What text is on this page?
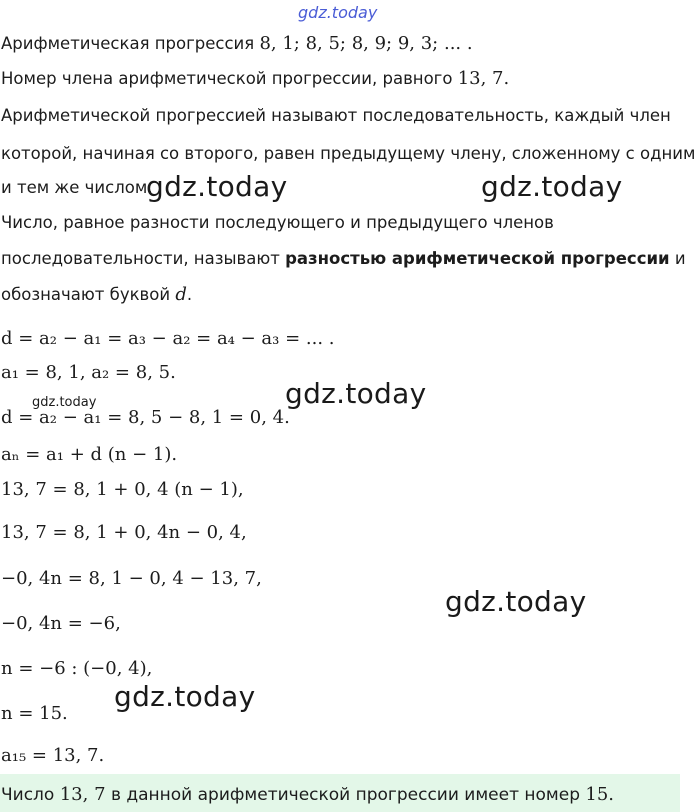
gdz.today
Арифметическая прогрессия 8, 1; 8, 5; 8, 9; 9, 3; ... .
Номер члена арифметической прогрессии, равного 13, 7.
Арифметической прогрессией называют последовательность, каждый член
которой, начиная со второго, равен предыдущему члену, сложенному с одним
и тем же числом.
Число, равное разности последующего и предыдущего членов
последовательности, называют разностью арифметической прогрессии и
обозначают буквой d.
d = a₂ − a₁ = a₃ − a₂ = a₄ − a₃ = ... .
a₁ = 8, 1, a₂ = 8, 5.
d = a₂ − a₁ = 8, 5 − 8, 1 = 0, 4.
aₙ = a₁ + d (n − 1).
13, 7 = 8, 1 + 0, 4 (n − 1),
13, 7 = 8, 1 + 0, 4n − 0, 4,
−0, 4n = 8, 1 − 0, 4 − 13, 7,
−0, 4n = −6,
n = −6 : (−0, 4),
n = 15.
a₁₅ = 13, 7.
Число 13, 7 в данной арифметической прогрессии имеет номер 15.
gdz.today	gdz.today
gdz.today
gdz.today
gdz.today
gdz.today
